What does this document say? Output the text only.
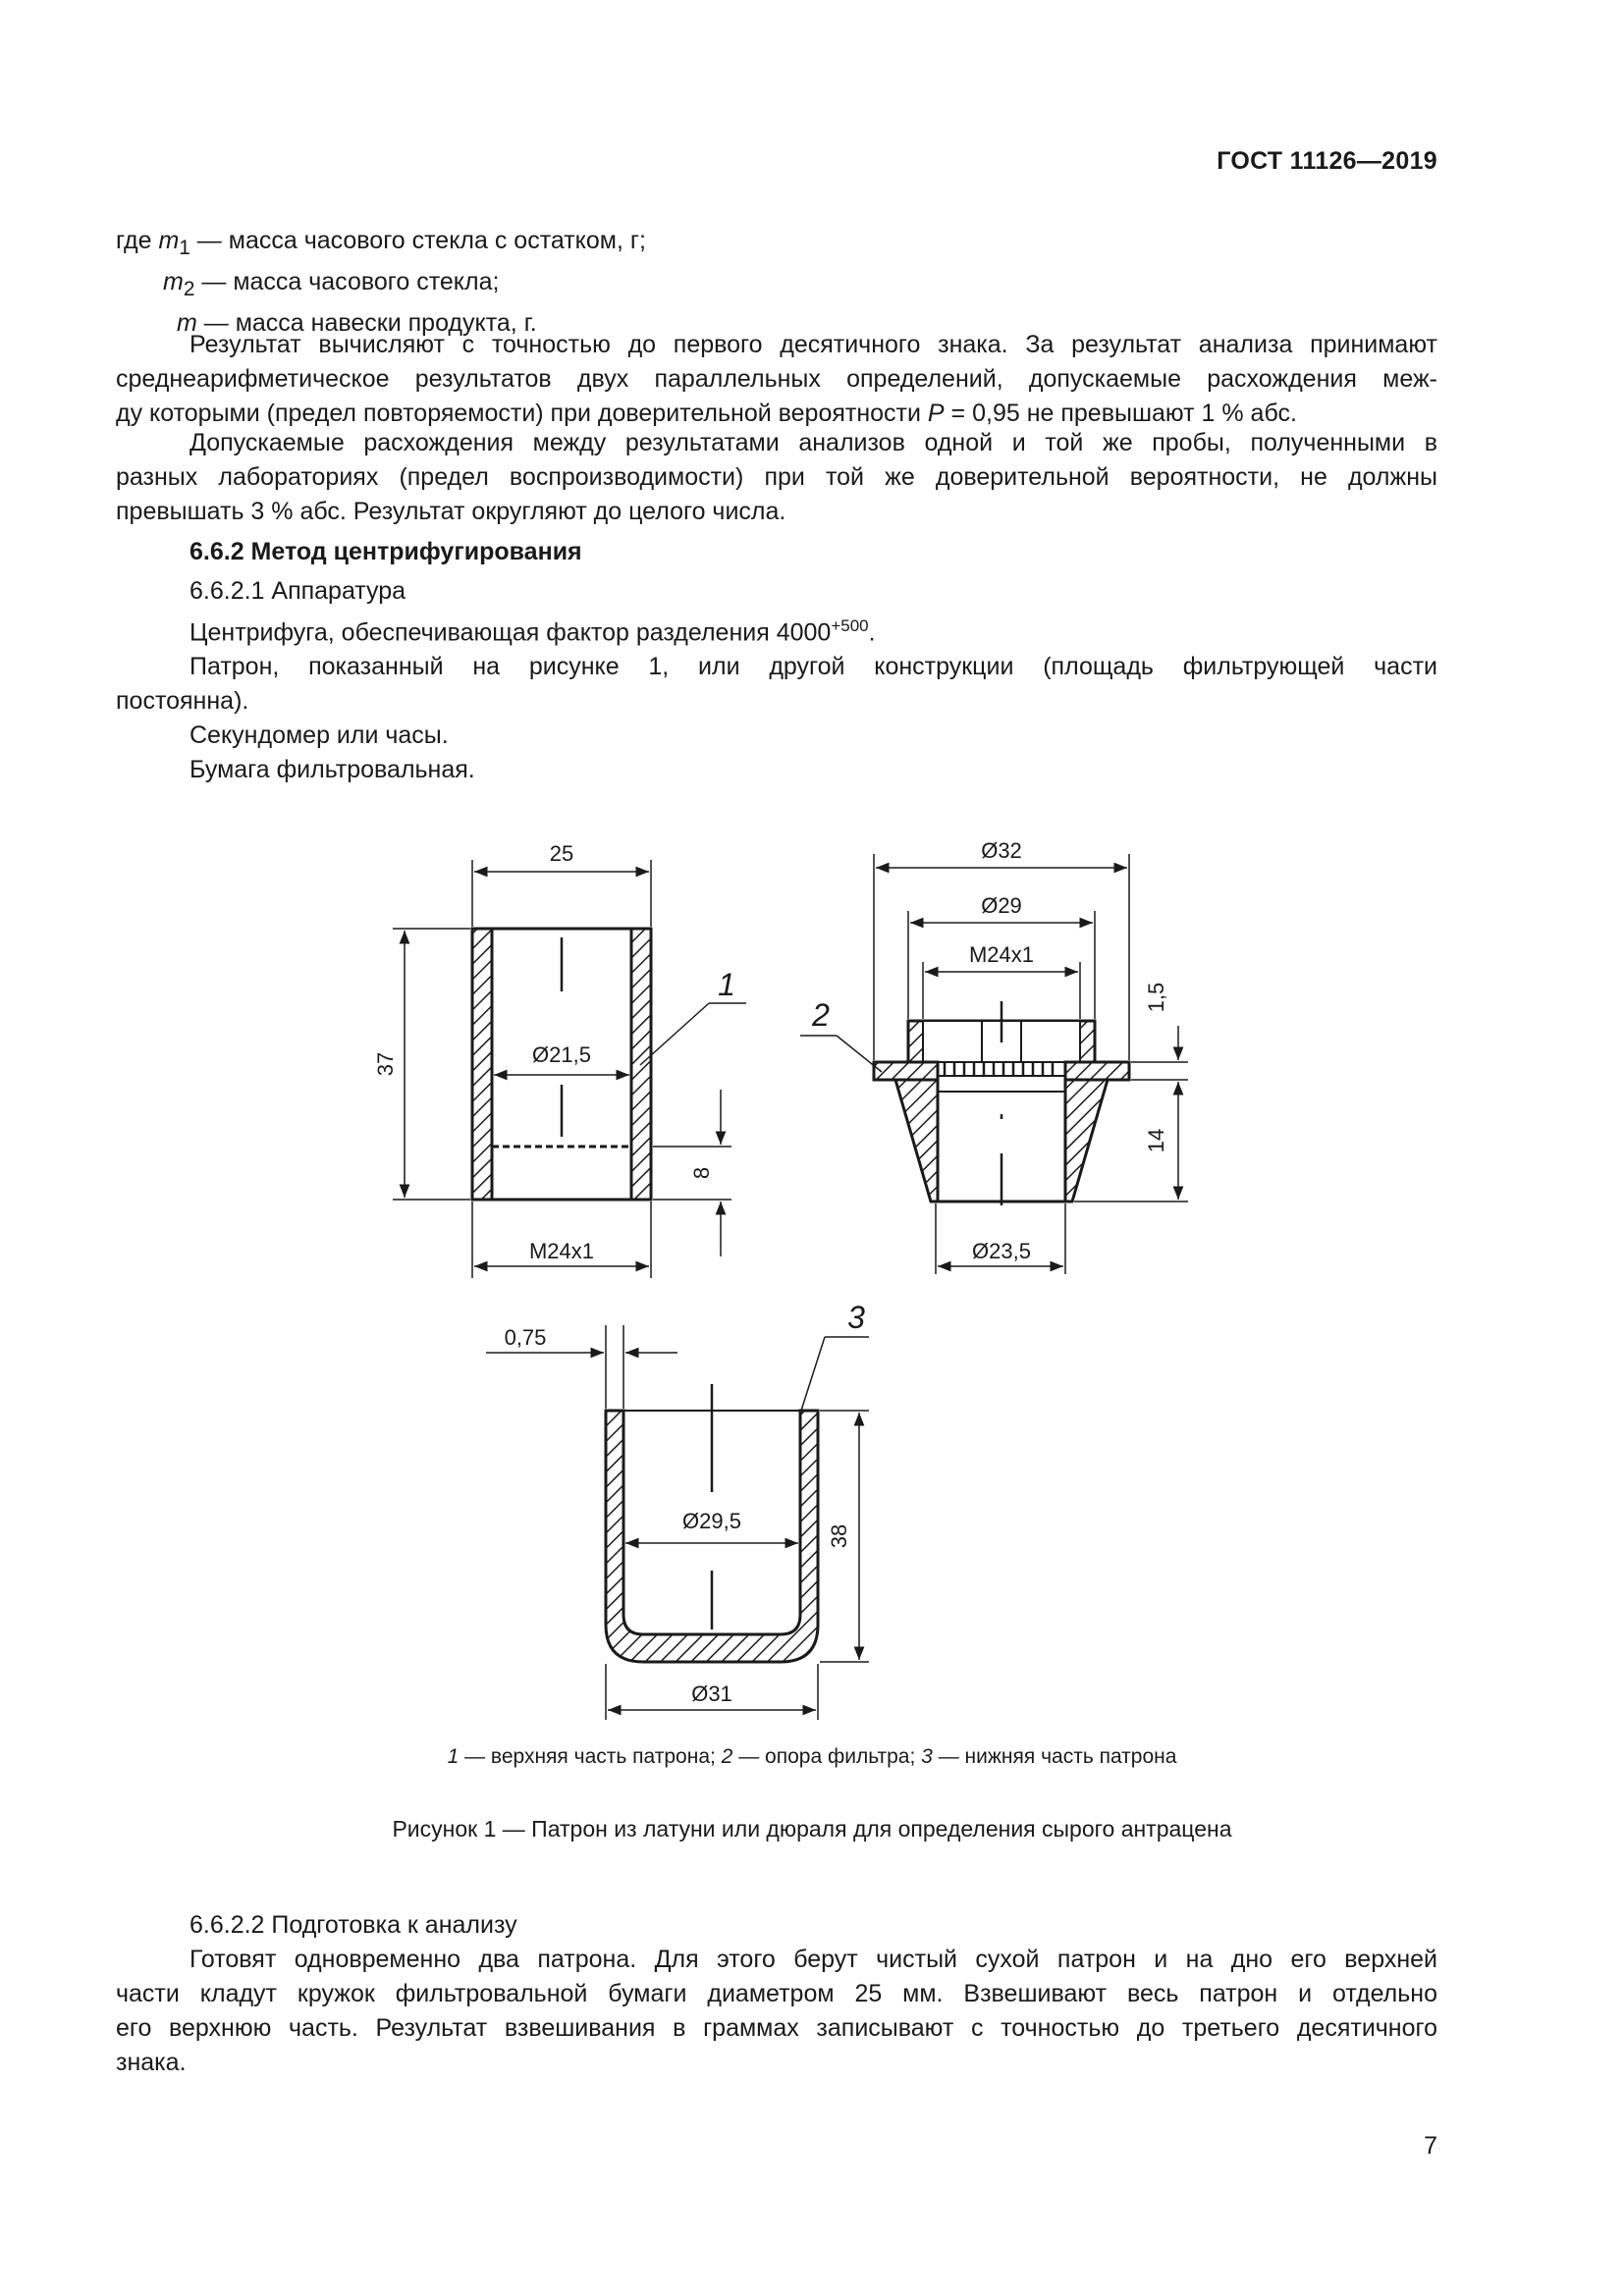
ГОСТ 11126—2019
где $m_1$ — масса часового стекла с остатком, г;
$m_2$ — масса часового стекла;
m — масса навески продукта, г.
Результат вычисляют с точностью до первого десятичного знака. За результат анализа принимают
среднеарифметическое результатов двух параллельных определений, допускаемые расхождения меж-
ду которыми (предел повторяемости) при доверительной вероятности P = 0,95 не превышают 1 % абс.
Допускаемые расхождения между результатами анализов одной и той же пробы, полученными в
разных лабораториях (предел воспроизводимости) при той же доверительной вероятности, не должны
превышать 3 % абс. Результат округляют до целого числа.
6.6.2 Метод центрифугирования
6.6.2.1 Аппаратура
Центрифуга, обеспечивающая фактор разделения $4000^{+500}$.
Патрон, показанный на рисунке 1, или другой конструкции (площадь фильтрующей части
постоянна).
Секундомер или часы.
Бумага фильтровальная.
25
37	Ø21,5
8
M24x1
1
Ø32
Ø29
M24x1
1,5
14
Ø23,5
2
0,75
Ø29,5
38
Ø31
3
1 — верхняя часть патрона; 2 — опора фильтра; 3 — нижняя часть патрона
Рисунок 1 — Патрон из латуни или дюраля для определения сырого антрацена
6.6.2.2 Подготовка к анализу
Готовят одновременно два патрона. Для этого берут чистый сухой патрон и на дно его верхней
части кладут кружок фильтровальной бумаги диаметром 25 мм. Взвешивают весь патрон и отдельно
его верхнюю часть. Результат взвешивания в граммах записывают с точностью до третьего десятичного
знака.
7
